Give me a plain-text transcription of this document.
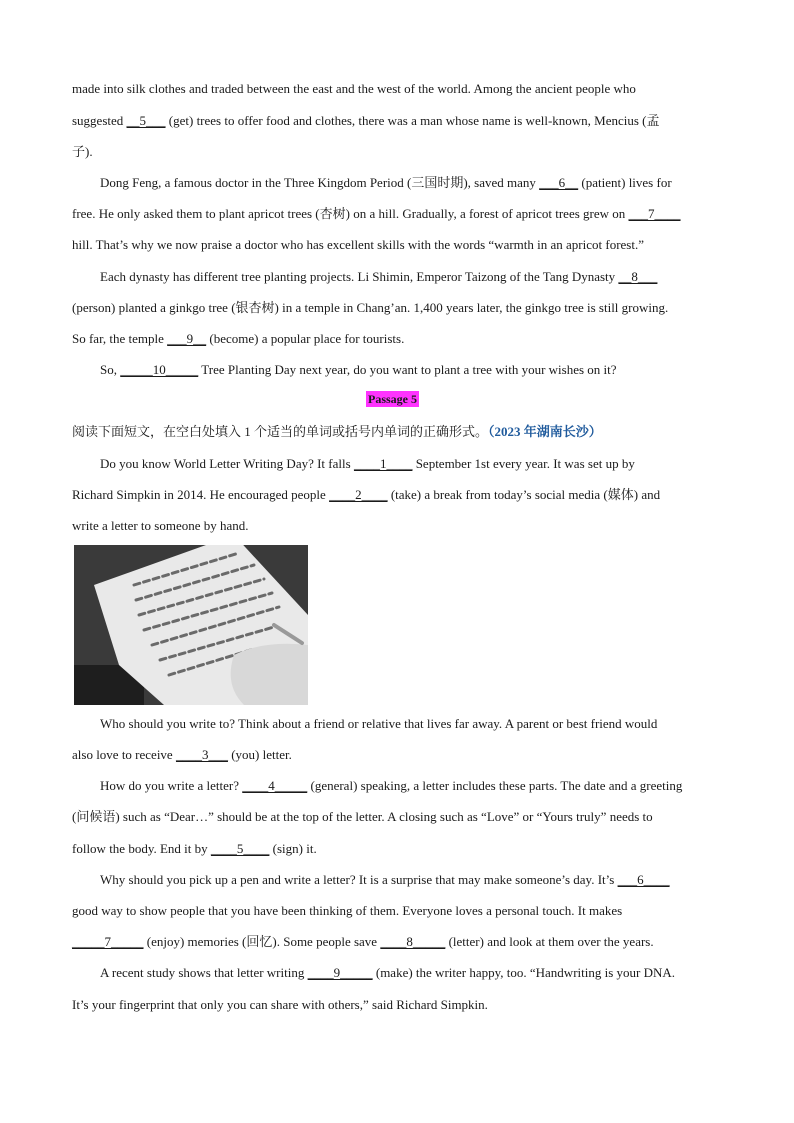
made into silk clothes and traded between the east and the west of the world. Among the ancient people who
suggested __5___ (get) trees to offer food and clothes, there was a man whose name is well-known, Mencius (孟
子).
Dong Feng, a famous doctor in the Three Kingdom Period (三国时期), saved many ___6__ (patient) lives for
free. He only asked them to plant apricot trees (杏树) on a hill. Gradually, a forest of apricot trees grew on ___7____
hill. That’s why we now praise a doctor who has excellent skills with the words “warmth in an apricot forest.”
Each dynasty has different tree planting projects. Li Shimin, Emperor Taizong of the Tang Dynasty __8___
(person) planted a ginkgo tree (银杏树) in a temple in Chang’an. 1,400 years later, the ginkgo tree is still growing.
So far, the temple ___9__ (become) a popular place for tourists.
So, _____10_____ Tree Planting Day next year, do you want to plant a tree with your wishes on it?
Passage 5
阅读下面短文，在空白处填入 1 个适当的单词或括号内单词的正确形式。（2023 年湖南长沙）
Do you know World Letter Writing Day? It falls ____1____ September 1st every year. It was set up by
Richard Simpkin in 2014. He encouraged people ____2____ (take) a break from today’s social media (媒体) and
write a letter to someone by hand.
Who should you write to? Think about a friend or relative that lives far away. A parent or best friend would
also love to receive ____3___ (you) letter.
How do you write a letter? ____4_____ (general) speaking, a letter includes these parts. The date and a greeting
(问候语) such as “Dear…” should be at the top of the letter. A closing such as “Love” or “Yours truly” needs to
follow the body. End it by ____5____ (sign) it.
Why should you pick up a pen and write a letter? It is a surprise that may make someone’s day. It’s ___6____
good way to show people that you have been thinking of them. Everyone loves a personal touch. It makes
_____7_____ (enjoy) memories (回忆). Some people save ____8_____ (letter) and look at them over the years.
A recent study shows that letter writing ____9_____ (make) the writer happy, too. “Handwriting is your DNA.
It’s your fingerprint that only you can share with others,” said Richard Simpkin.
